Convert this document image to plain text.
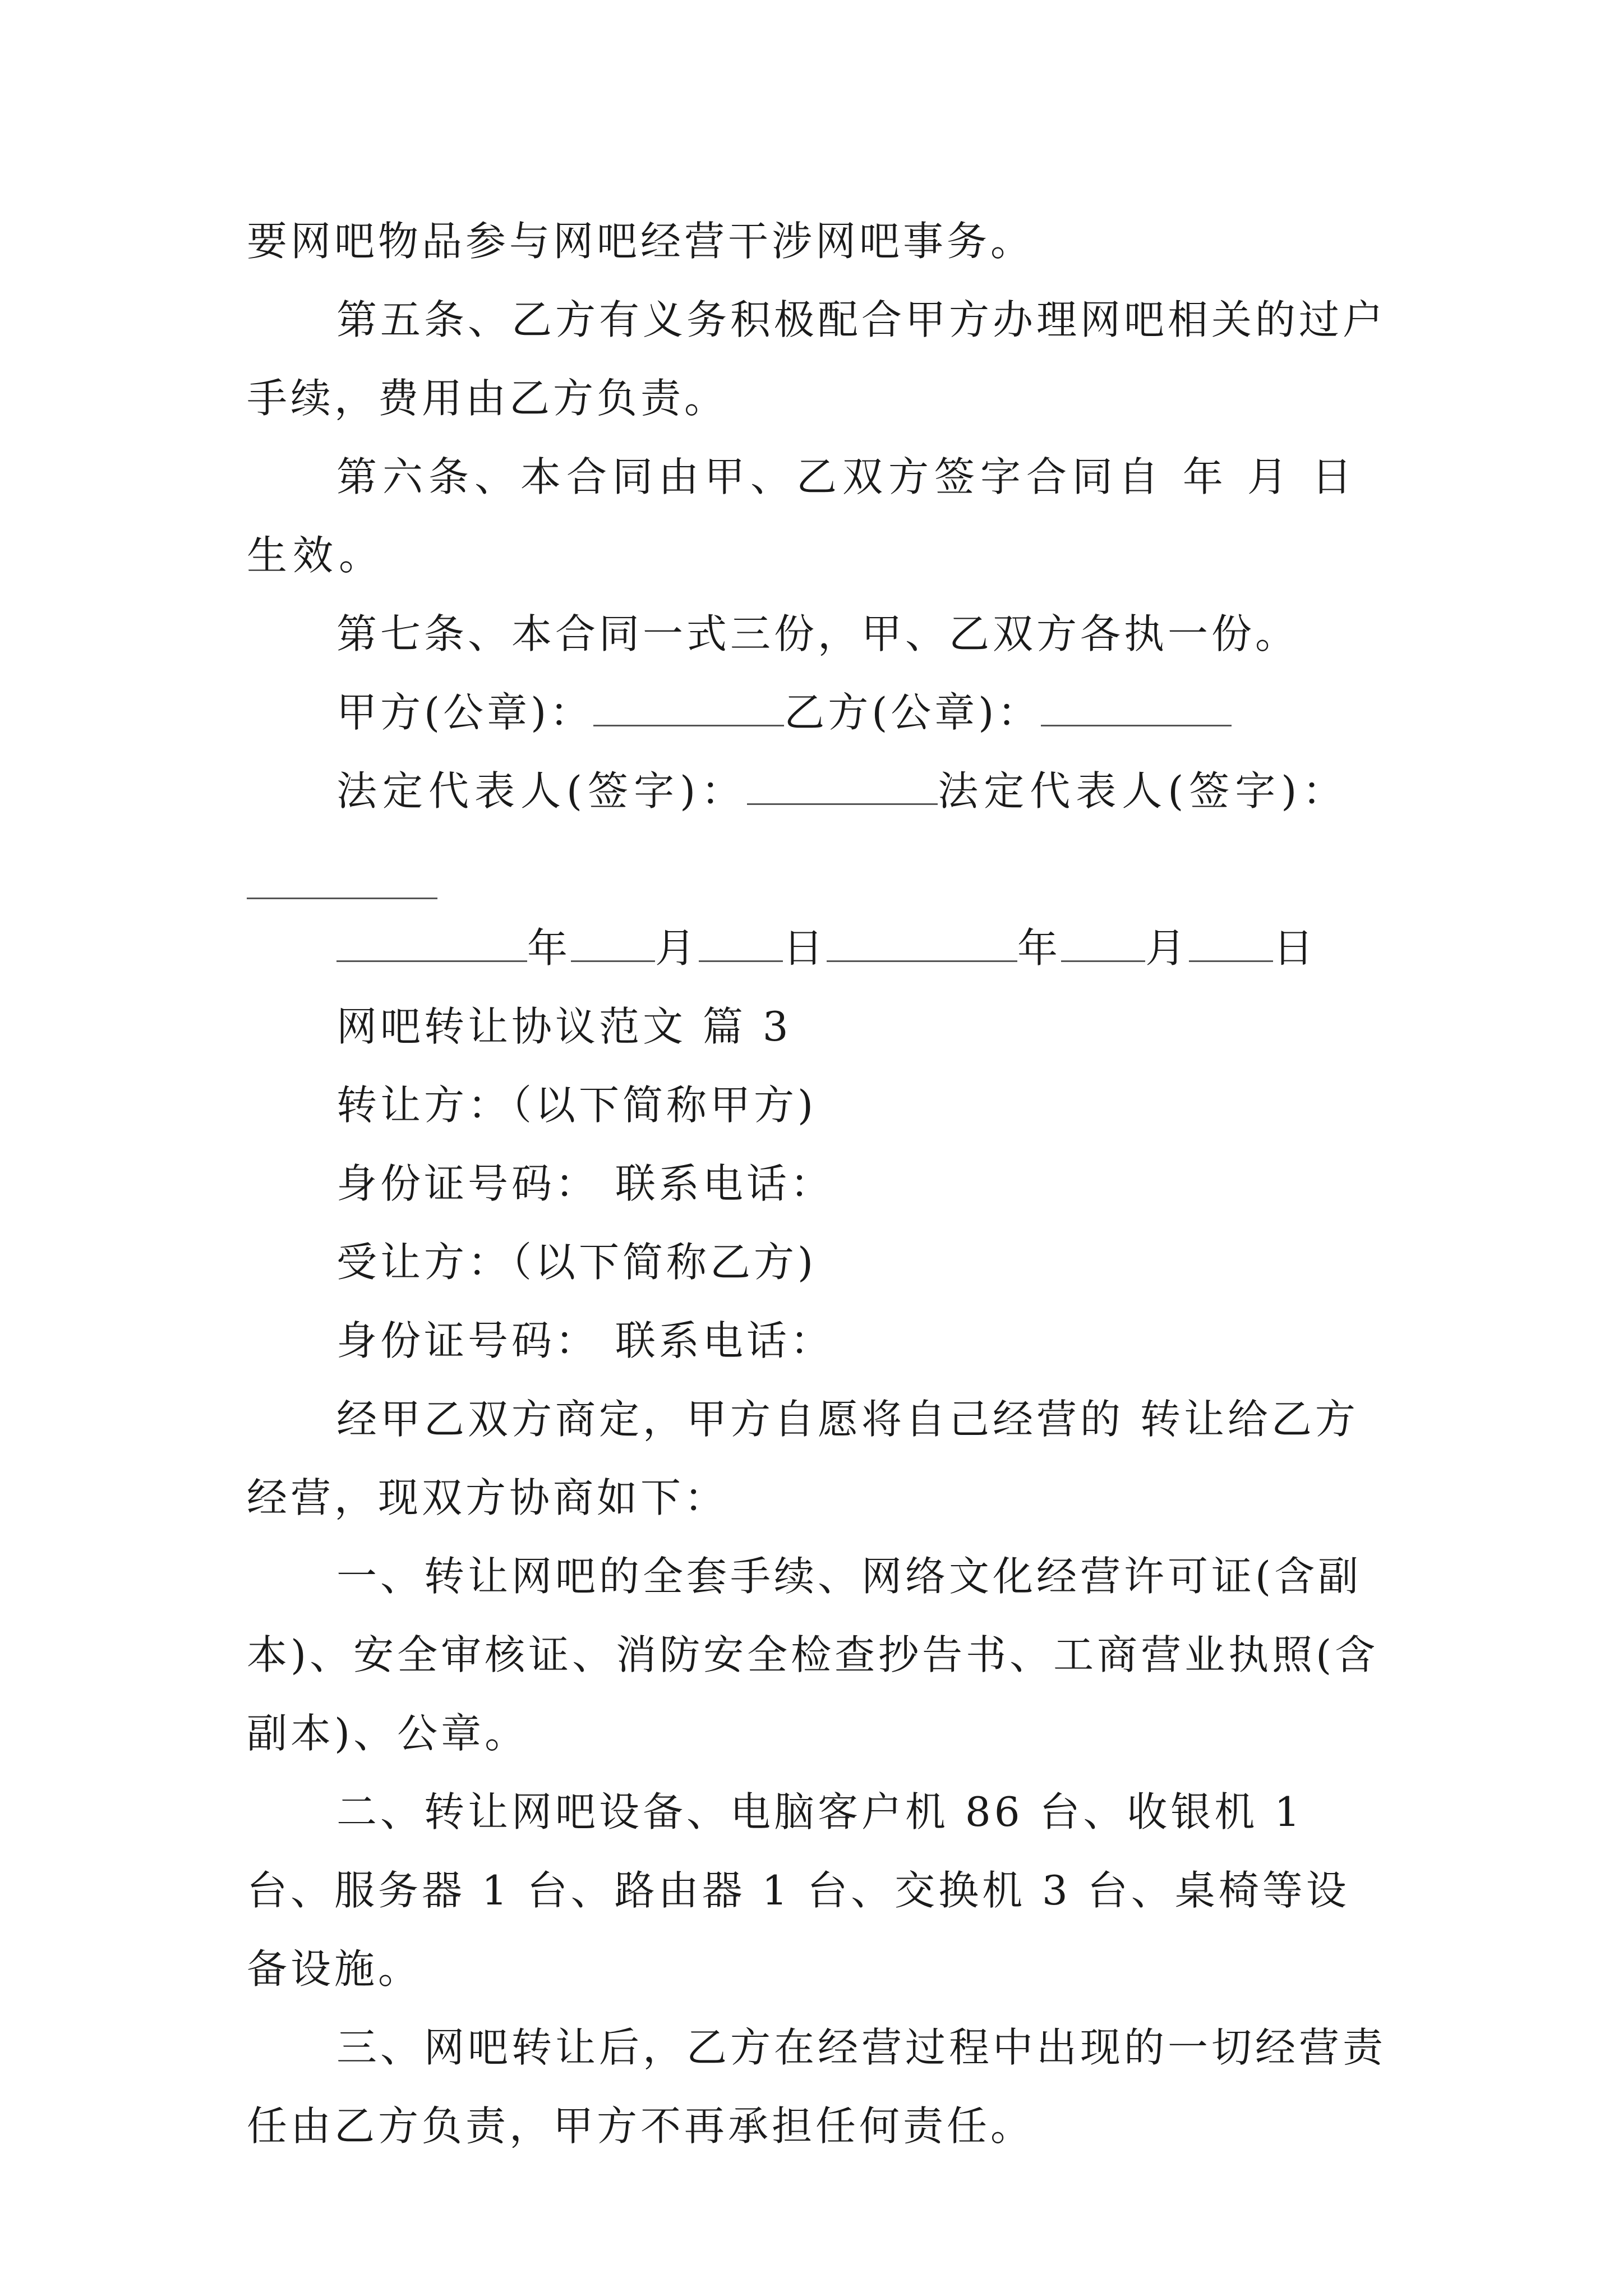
要网吧物品参与网吧经营干涉网吧事务。

第五条、乙方有义务积极配合甲方办理网吧相关的过户手续，费用由乙方负责。

第六条、本合同由甲、乙双方签字合同自 年 月 日生效。

第七条、本合同一式三份，甲、乙双方各执一份。

甲方(公章)：	乙方(公章)：

法定代表人(签字)：	法定代表人(签字)：

年 月 日	年 月 日

网吧转让协议范文 篇 3

转让方：（以下简称甲方)

身份证号码： 联系电话：

受让方：（以下简称乙方)

身份证号码： 联系电话：

经甲乙双方商定，甲方自愿将自己经营的 转让给乙方经营，现双方协商如下：

一、转让网吧的全套手续、网络文化经营许可证(含副本)、安全审核证、消防安全检查抄告书、工商营业执照(含副本)、公章。

二、转让网吧设备、电脑客户机 86 台、收银机 1 台、服务器 1 台、路由器 1 台、交换机 3 台、桌椅等设备设施。

三、网吧转让后，乙方在经营过程中出现的一切经营责任由乙方负责，甲方不再承担任何责任。
